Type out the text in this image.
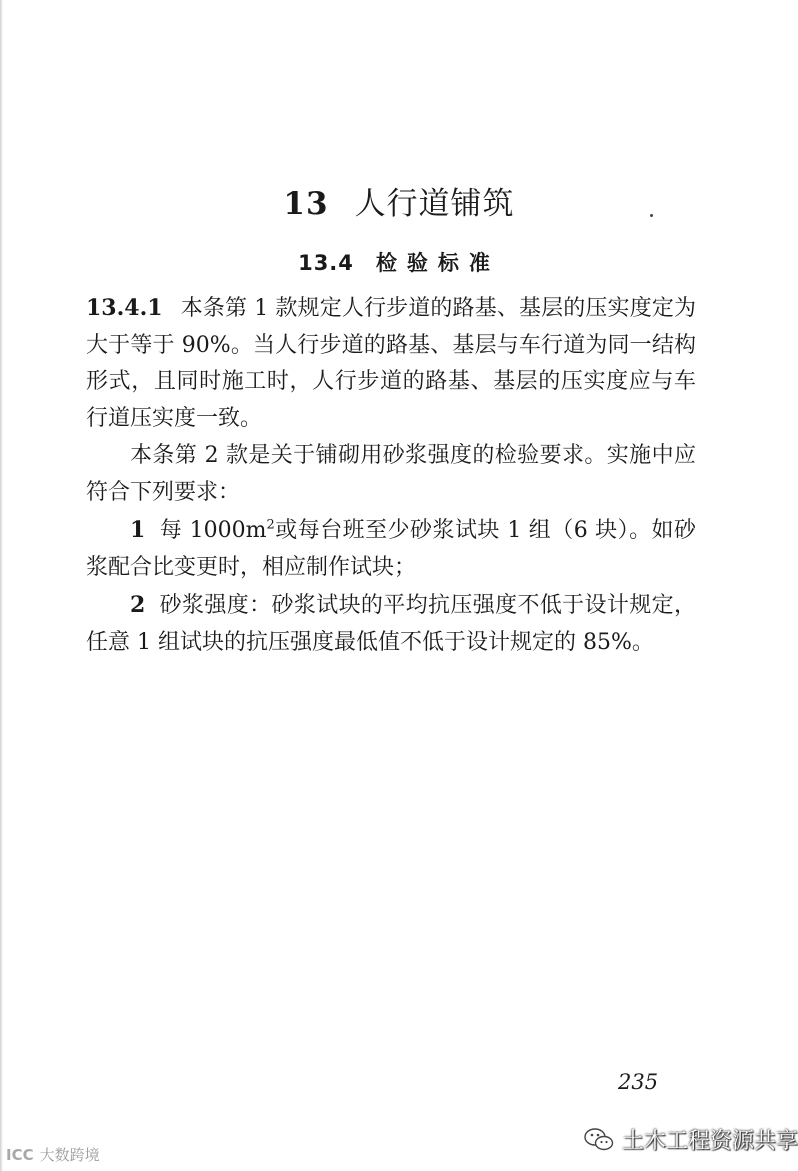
13 人行道铺筑
13.4 检验标准

13.4.1 本条第 1 款规定人行步道的路基、基层的压实度定为大于等于 90%。当人行步道的路基、基层与车行道为同一结构形式，且同时施工时，人行步道的路基、基层的压实度应与车行道压实度一致。

本条第 2 款是关于铺砌用砂浆强度的检验要求。实施中应符合下列要求：

1 每 $1000m^2$或每台班至少砂浆试块 1 组（6 块）。如砂浆配合比变更时，相应制作试块；

2 砂浆强度：砂浆试块的平均抗压强度不低于设计规定，任意 1 组试块的抗压强度最低值不低于设计规定的 85%。

235
ICC 大数跨境
土木工程资源共享
